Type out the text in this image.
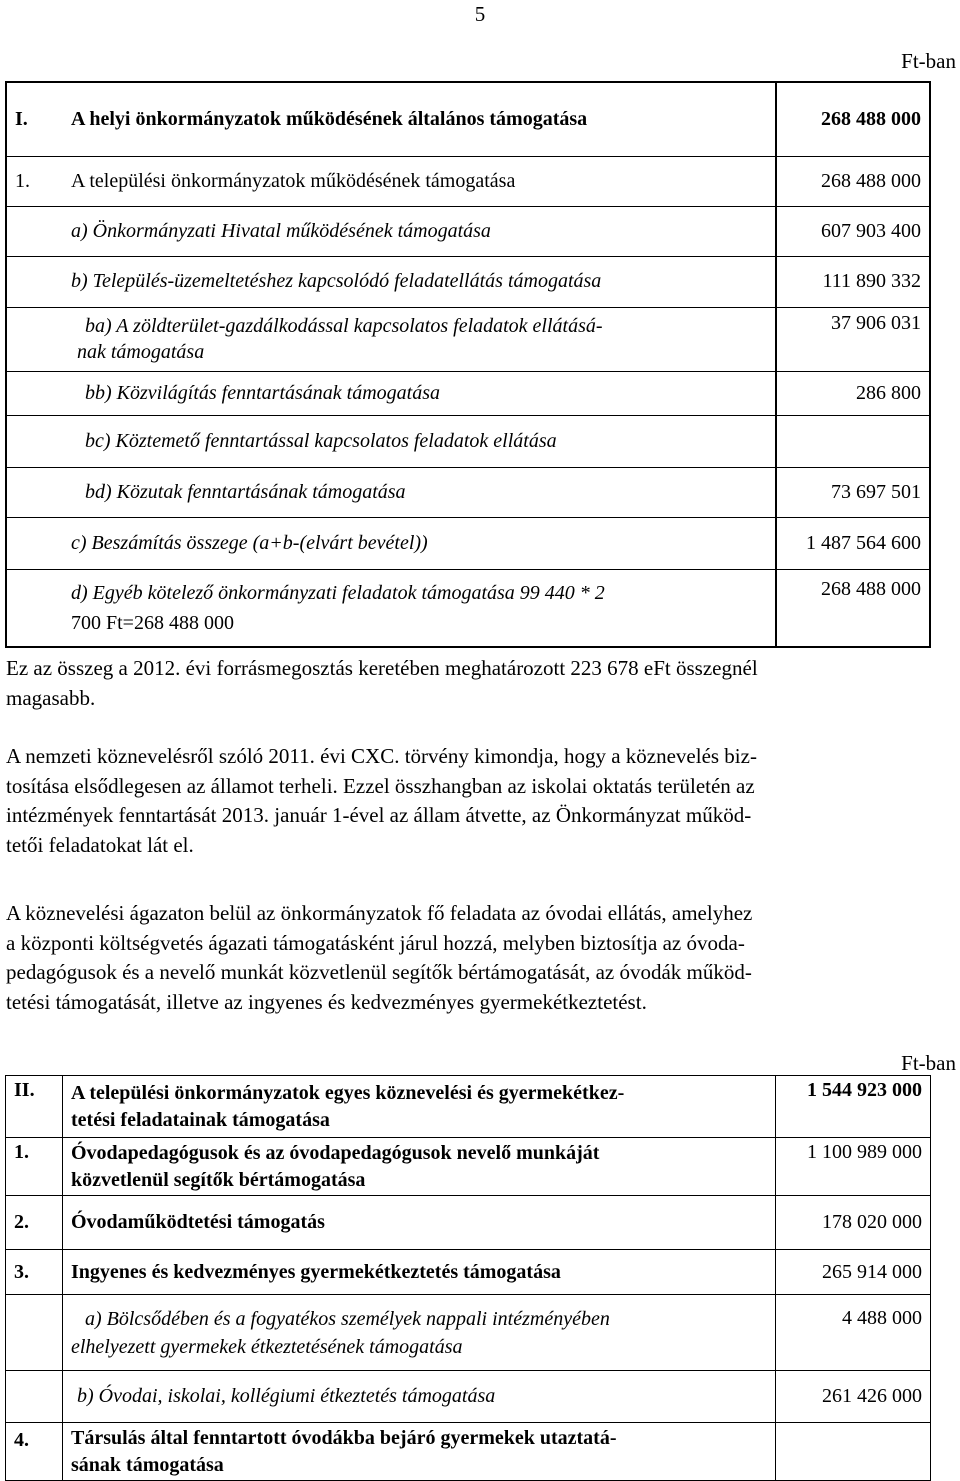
5
Ft-ban
I.	A helyi önkormányzatok működésének általános támogatása	268 488 000
1.	A települési önkormányzatok működésének támogatása	268 488 000
	a) Önkormányzati Hivatal működésének támogatása	607 903 400
	b) Település-üzemeltetéshez kapcsolódó feladatellátás támogatása	111 890 332
	ba) A zöldterület-gazdálkodással kapcsolatos feladatok ellátásá-
nak támogatása	37 906 031
	bb) Közvilágítás fenntartásának támogatása	286 800
	bc) Köztemető fenntartással kapcsolatos feladatok ellátása	
	bd) Közutak fenntartásának támogatása	73 697 501
	c) Beszámítás összege (a+b-(elvárt bevétel))	1 487 564 600
	d) Egyéb kötelező önkormányzati feladatok támogatása 99 440 * 2
700 Ft=268 488 000	268 488 000
Ez az összeg a 2012. évi forrásmegosztás keretében meghatározott 223 678 eFt összegnél
magasabb.
A nemzeti köznevelésről szóló 2011. évi CXC. törvény kimondja, hogy a köznevelés biz-
tosítása elsődlegesen az államot terheli. Ezzel összhangban az iskolai oktatás területén az
intézmények fenntartását 2013. január 1-ével az állam átvette, az Önkormányzat működ-
tetői feladatokat lát el.
A köznevelési ágazaton belül az önkormányzatok fő feladata az óvodai ellátás, amelyhez
a központi költségvetés ágazati támogatásként járul hozzá, melyben biztosítja az óvoda-
pedagógusok és a nevelő munkát közvetlenül segítők bértámogatását, az óvodák működ-
tetési támogatását, illetve az ingyenes és kedvezményes gyermekétkeztetést.
Ft-ban
II.	A települési önkormányzatok egyes köznevelési és gyermekétkez-
tetési feladatainak támogatása	1 544 923 000
1.	Óvodapedagógusok és az óvodapedagógusok nevelő munkáját
közvetlenül segítők bértámogatása	1 100 989 000
2.	Óvodaműködtetési támogatás	178 020 000
3.	Ingyenes és kedvezményes gyermekétkeztetés támogatása	265 914 000
	a) Bölcsődében és a fogyatékos személyek nappali intézményében
elhelyezett gyermekek étkeztetésének támogatása	4 488 000
	b) Óvodai, iskolai, kollégiumi étkeztetés támogatása	261 426 000
4.	Társulás által fenntartott óvodákba bejáró gyermekek utaztatá-
sának támogatása	
